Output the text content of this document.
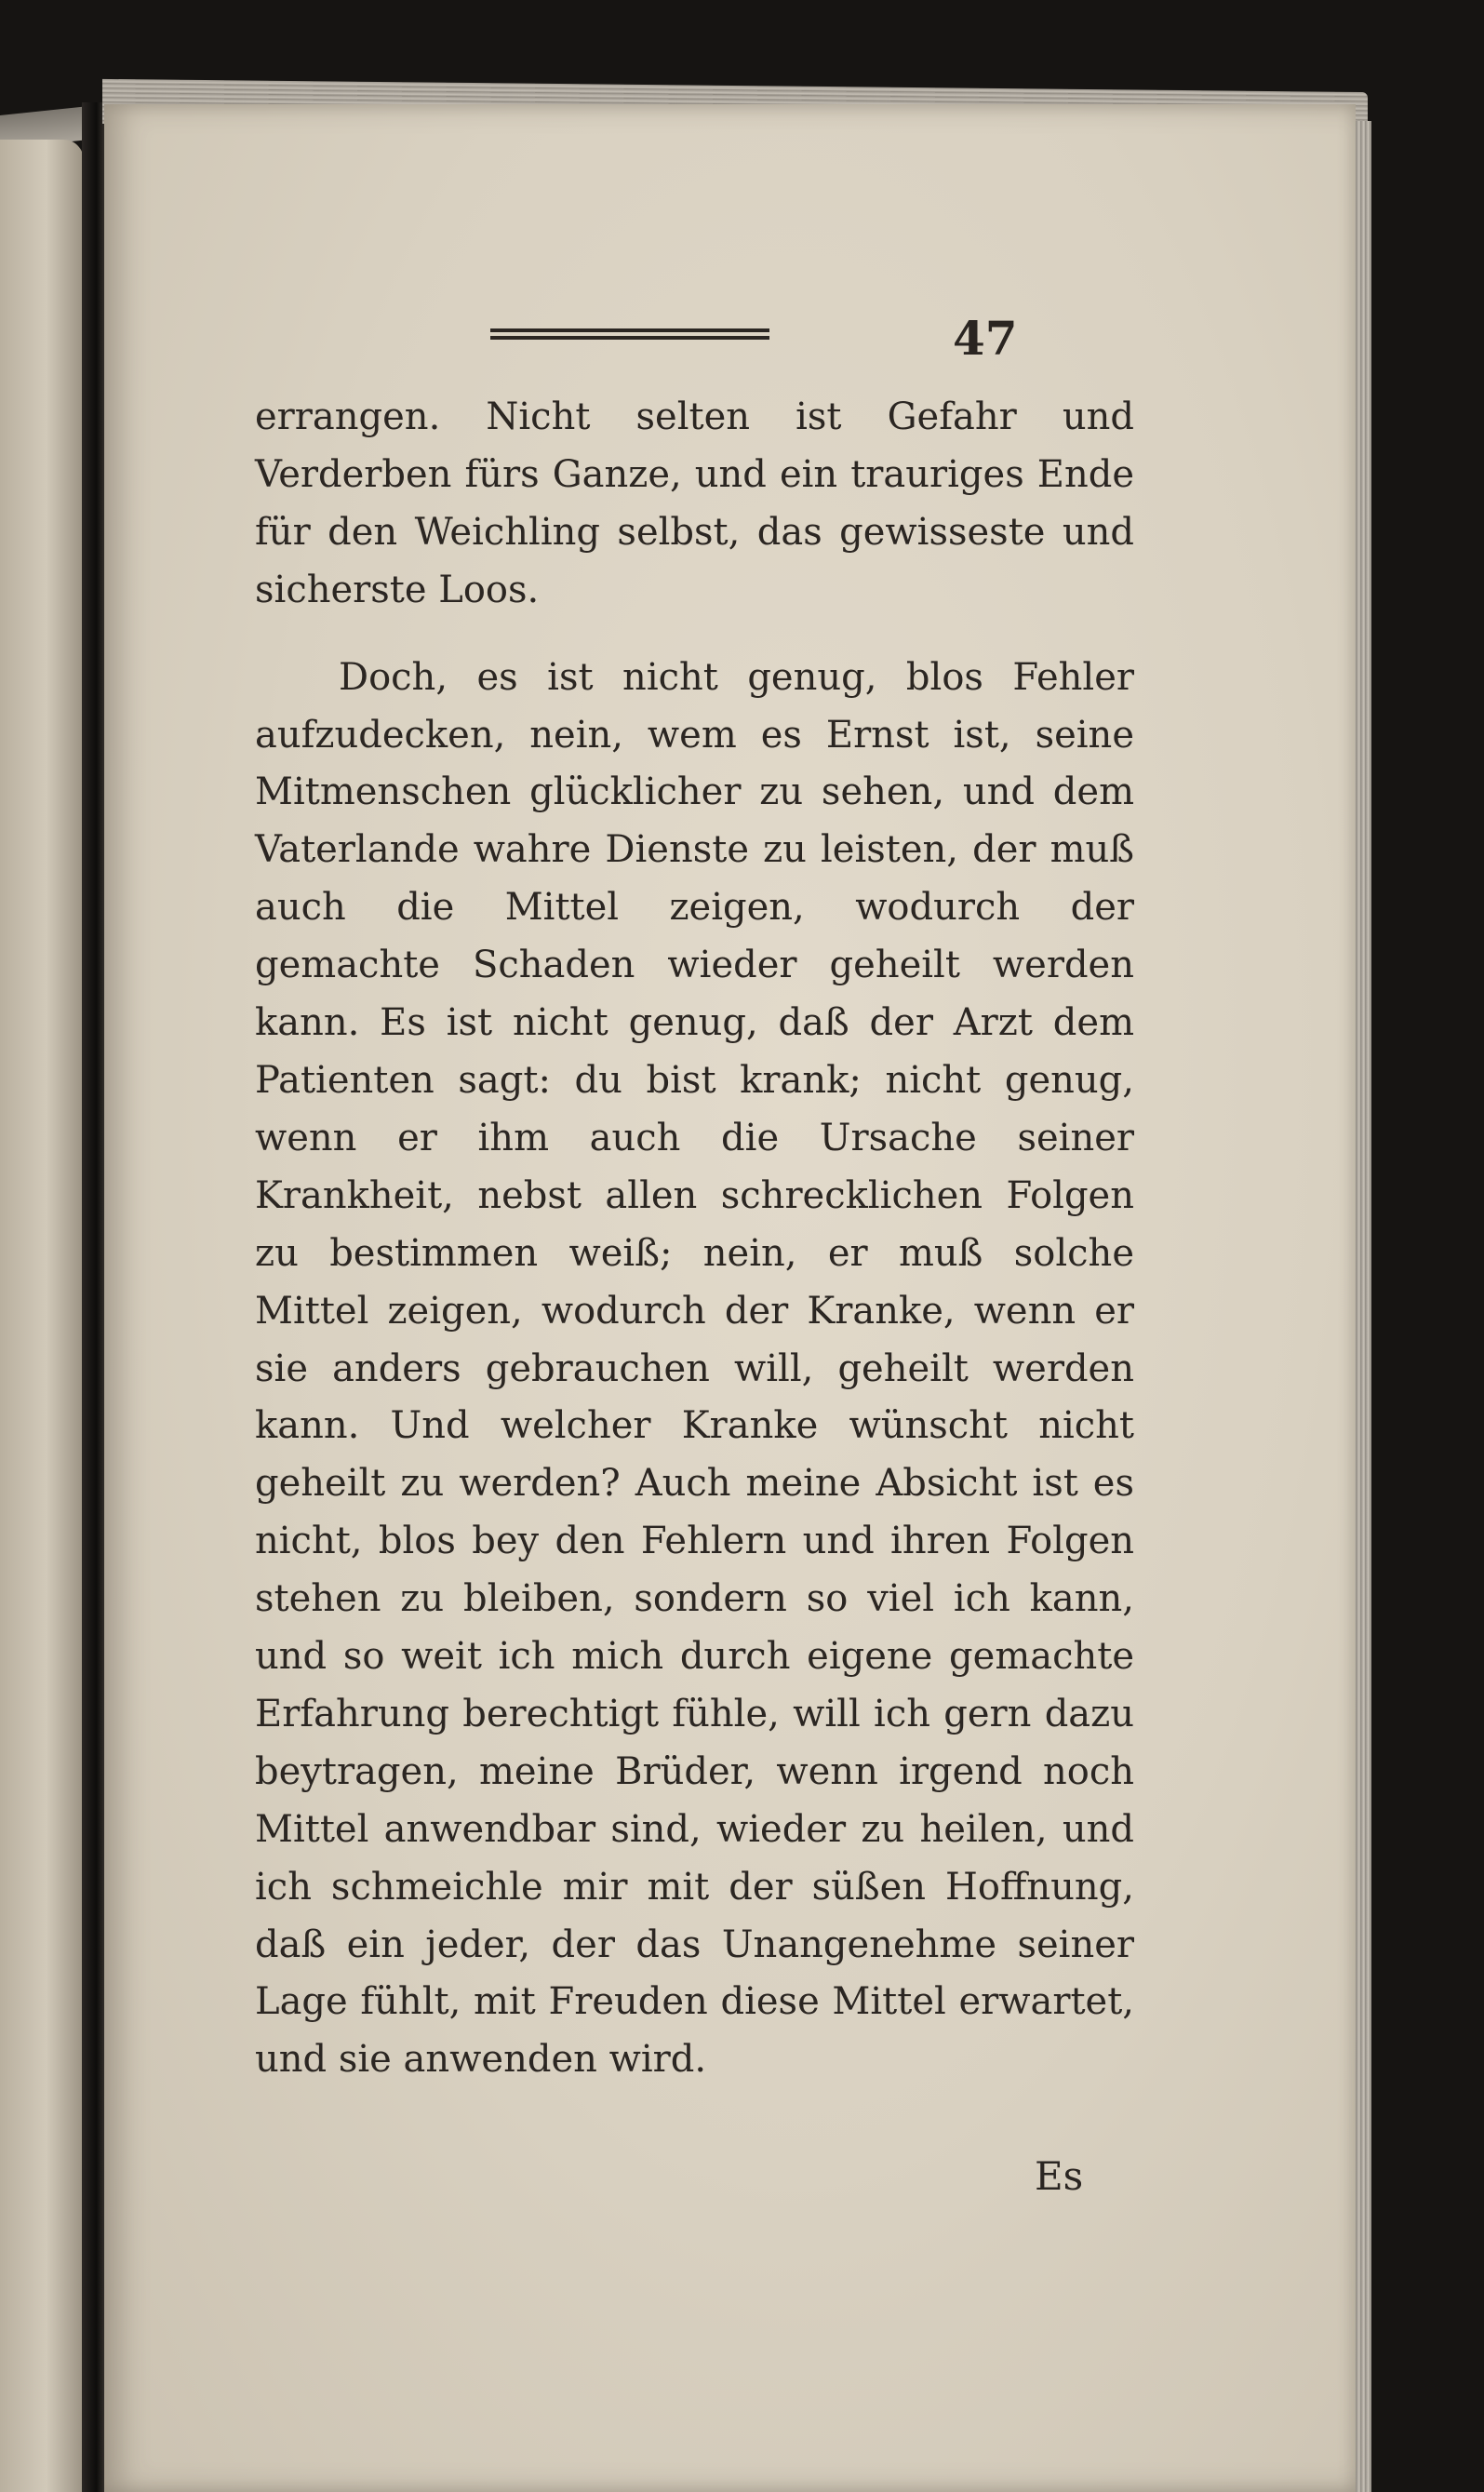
47

errangen. Nicht selten ist Gefahr und Verderben fürs Ganze, und ein trauriges Ende für den Weichling selbst, das gewisseste und sicherste Loos.

Doch, es ist nicht genug, blos Fehler aufzudecken, nein, wem es Ernst ist, seine Mitmenschen glücklicher zu sehen, und dem Vaterlande wahre Dienste zu leisten, der muß auch die Mittel zeigen, wodurch der gemachte Schaden wieder geheilt werden kann. Es ist nicht genug, daß der Arzt dem Patienten sagt: du bist krank; nicht genug, wenn er ihm auch die Ursache seiner Krankheit, nebst allen schrecklichen Folgen zu bestimmen weiß; nein, er muß solche Mittel zeigen, wodurch der Kranke, wenn er sie anders gebrauchen will, geheilt werden kann. Und welcher Kranke wünscht nicht geheilt zu werden? Auch meine Absicht ist es nicht, blos bey den Fehlern und ihren Folgen stehen zu bleiben, sondern so viel ich kann, und so weit ich mich durch eigene gemachte Erfahrung berechtigt fühle, will ich gern dazu beytragen, meine Brüder, wenn irgend noch Mittel anwendbar sind, wieder zu heilen, und ich schmeichle mir mit der süßen Hoffnung, daß ein jeder, der das Unangenehme seiner Lage fühlt, mit Freuden diese Mittel erwartet, und sie anwenden wird.

Es
